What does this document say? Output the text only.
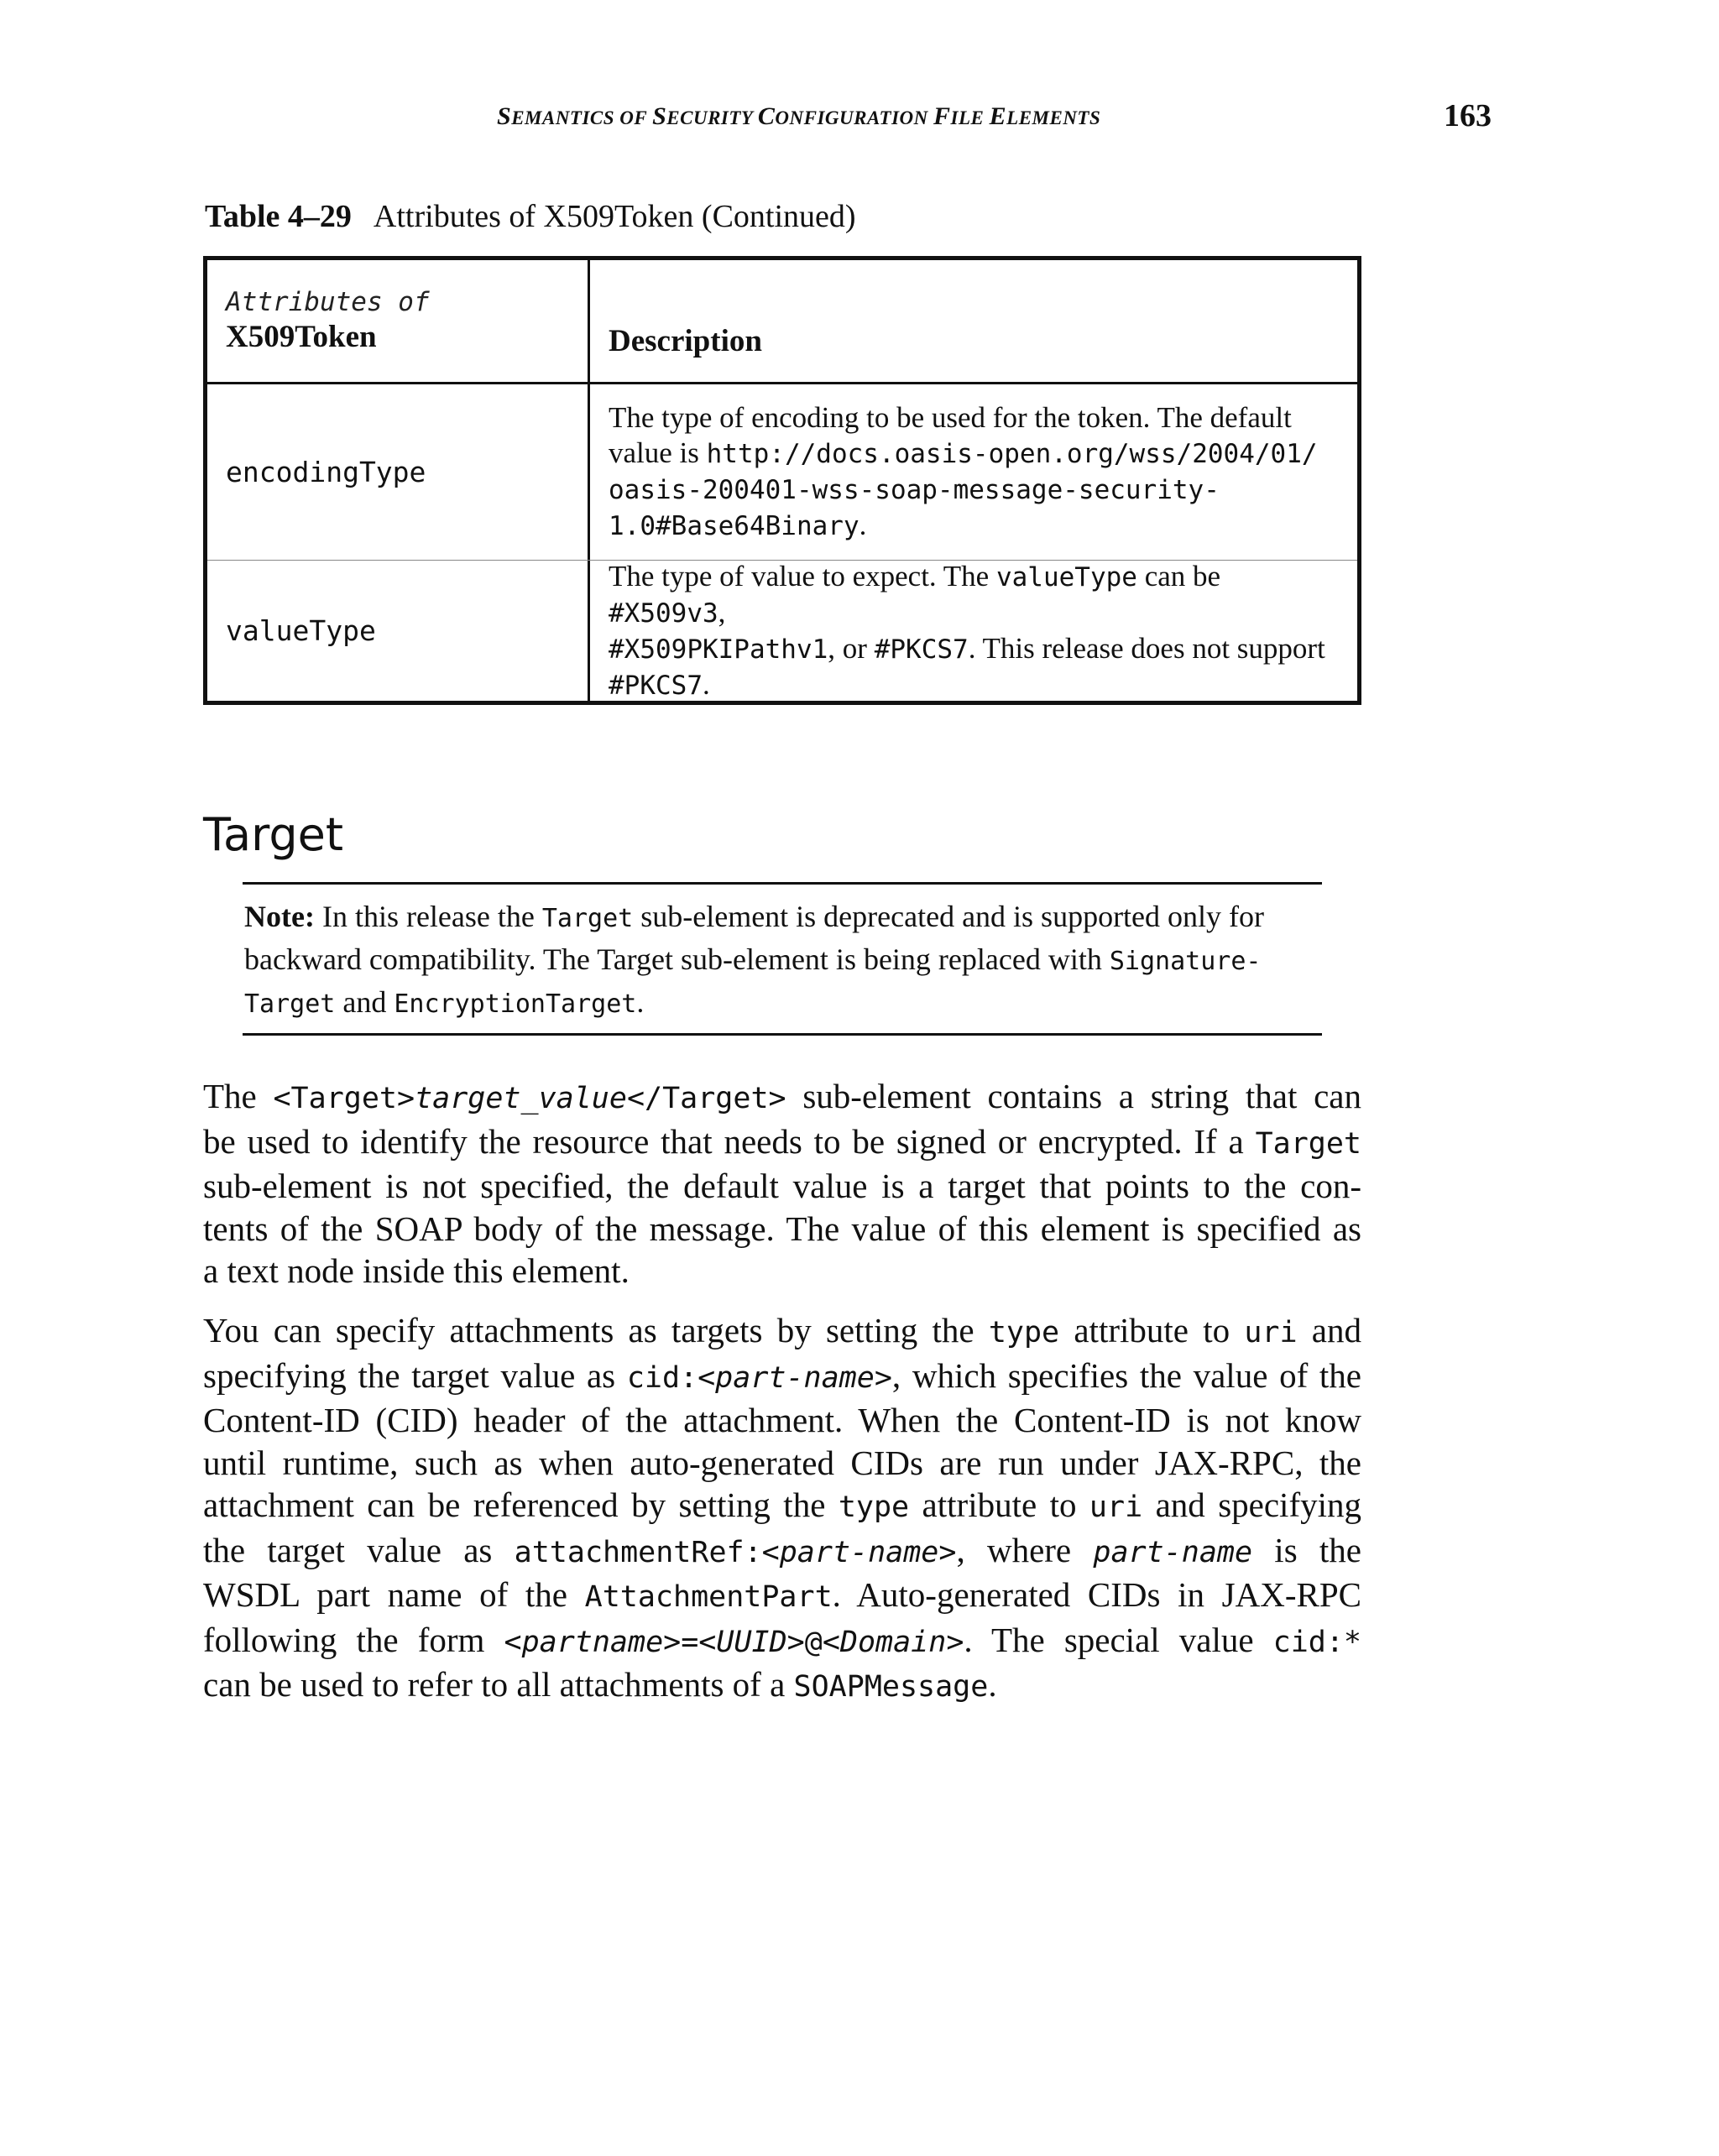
SEMANTICS OF SECURITY CONFIGURATION FILE ELEMENTS	163
Table 4–29 Attributes of X509Token (Continued)
Attributes of
X509Token	Description
encodingType
The type of encoding to be used for the token. The default
value is http://docs.oasis-open.org/wss/2004/01/
oasis-200401-wss-soap-message-security-
1.0#Base64Binary.
valueType
The type of value to expect. The valueType can be #X509v3,
#X509PKIPathv1, or #PKCS7. This release does not support
#PKCS7.
Target
Note: In this release the Target sub-element is deprecated and is supported only for
backward compatibility. The Target sub-element is being replaced with Signature-
Target and EncryptionTarget.
The <Target>target_value</Target> sub-element contains a string that can
be used to identify the resource that needs to be signed or encrypted. If a Target
sub-element is not specified, the default value is a target that points to the con-
tents of the SOAP body of the message. The value of this element is specified as
a text node inside this element.
You can specify attachments as targets by setting the type attribute to uri and
specifying the target value as cid:<part-name>, which specifies the value of the
Content-ID (CID) header of the attachment. When the Content-ID is not know
until runtime, such as when auto-generated CIDs are run under JAX-RPC, the
attachment can be referenced by setting the type attribute to uri and specifying
the target value as attachmentRef:<part-name>, where part-name is the
WSDL part name of the AttachmentPart. Auto-generated CIDs in JAX-RPC
following the form <partname>=<UUID>@<Domain>. The special value cid:*
can be used to refer to all attachments of a SOAPMessage.
